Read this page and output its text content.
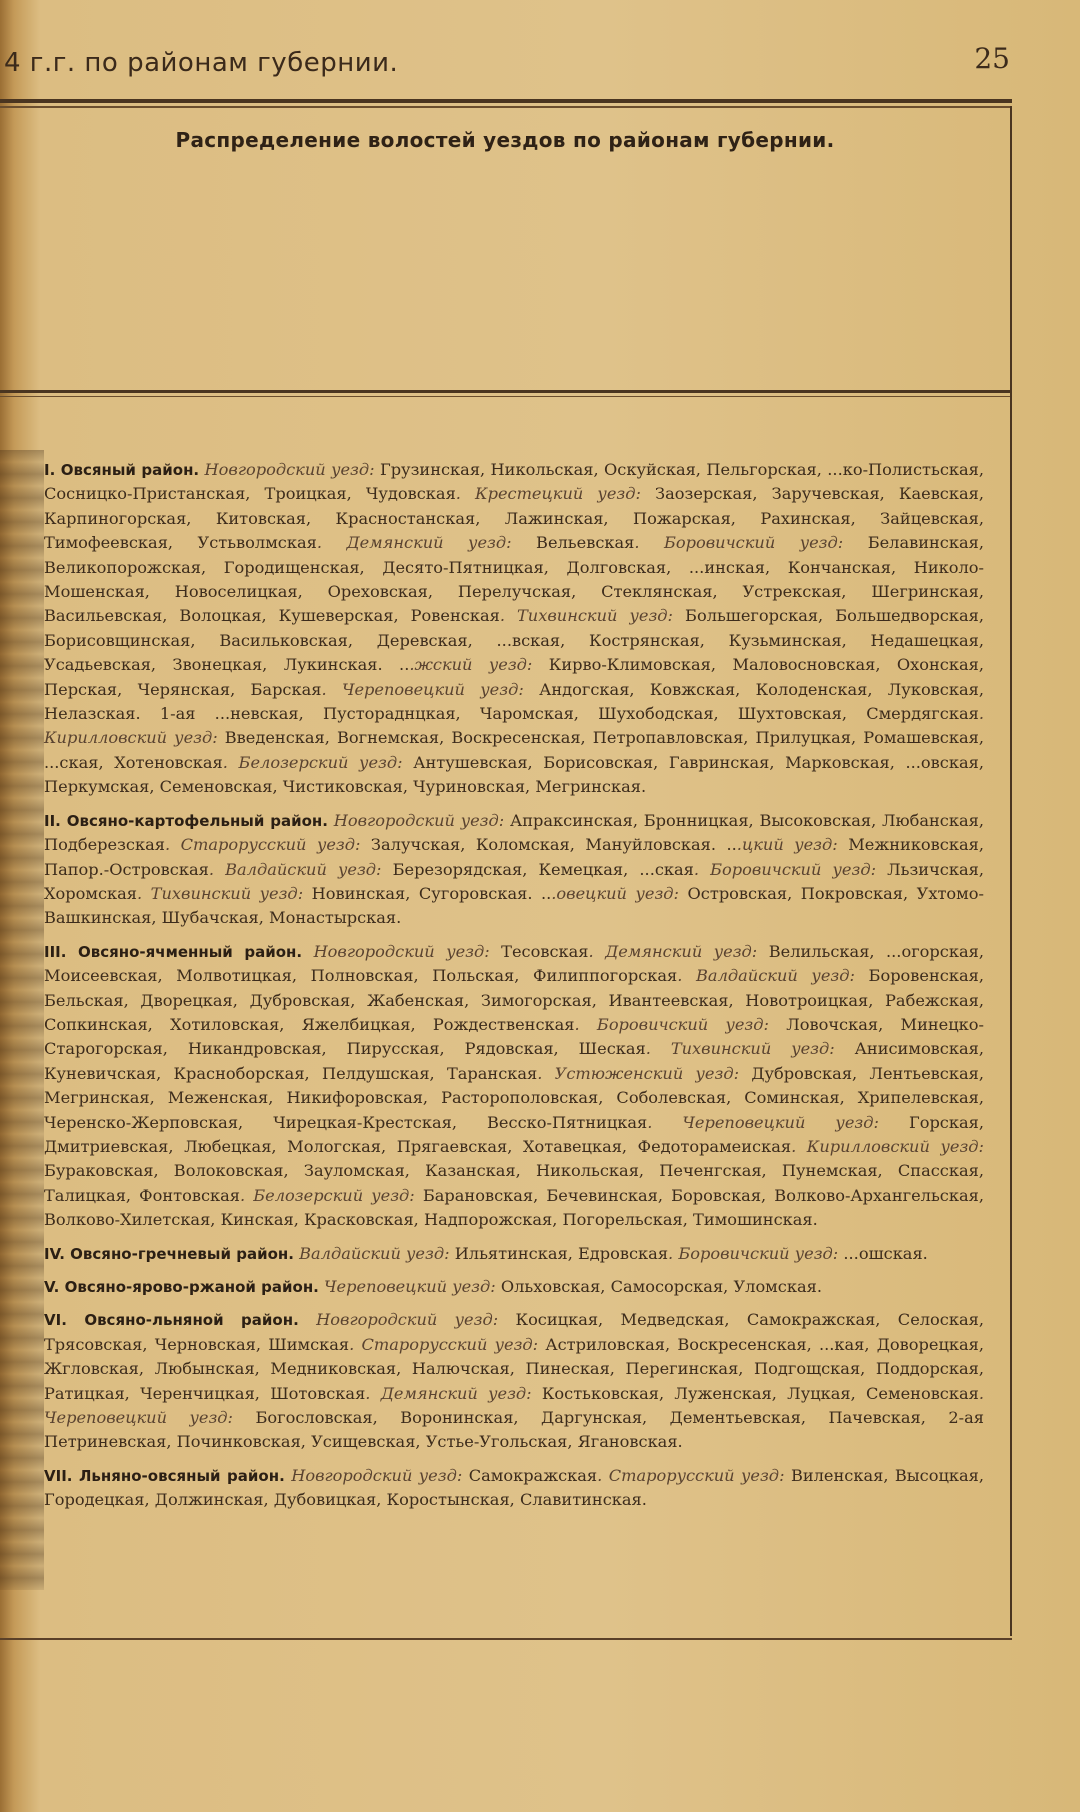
4 г.г. по районам губернии.	25
Распределение волостей уездов по районам губернии.

I. Овсяный район. Новгородский уезд: Грузинская, Никольская, Оскуйская, Пельгорская, ...ко-Полистьская, Сосницко-Пристанская, Троицкая, Чудовская. Крестецкий уезд: Заозерская, Заручевская, Каевская, Карпиногорская, Китовская, Красностанская, Лажинская, Пожарская, Рахинская, Зайцевская, Тимофеевская, Устьволмская. Демянский уезд: Вельевская. Боровичский уезд: Белавинская, Великопорожская, Городищенская, Десято-Пятницкая, Долговская, ...инская, Кончанская, Николо-Мошенская, Новоселицкая, Ореховская, Перелучская, Стеклянская, Устрекская, Шегринская, Васильевская, Волоцкая, Кушеверская, Ровенская. Тихвинский уезд: Большегорская, Большедворская, Борисовщинская, Васильковская, Деревская, ...вская, Кострянская, Кузьминская, Недашецкая, Усадьевская, Звонецкая, Лукинская. ...жский уезд: Кирво-Климовская, Маловосновская, Охонская, Перская, Черянская, Барская. Череповецкий уезд: Андогская, Ковжская, Колоденская, Луковская, Нелазская. 1-ая ...невская, Пустораднцкая, Чаромская, Шухободская, Шухтовская, Смердягская. Кирилловский уезд: Введенская, Вогнемская, Воскресенская, Петропавловская, Прилуцкая, Ромашевская, ...ская, Хотеновская. Белозерский уезд: Антушевская, Борисовская, Гавринская, Марковская, ...овская, Перкумская, Семеновская, Чистиковская, Чуриновская, Мегринская.

II. Овсяно-картофельный район. Новгородский уезд: Апраксинская, Бронницкая, Высоковская, Любанская, Подберезская. Старорусский уезд: Залучская, Коломская, Мануйловская. ...цкий уезд: Межниковская, Папор.-Островская. Валдайский уезд: Березорядская, Кемецкая, ...ская. Боровичский уезд: Льзичская, Хоромская. Тихвинский уезд: Новинская, Сугоровская. ...овецкий уезд: Островская, Покровская, Ухтомо-Вашкинская, Шубачская, Монастырская.

III. Овсяно-ячменный район. Новгородский уезд: Тесовская. Демянский уезд: Велильская, ...огорская, Моисеевская, Молвотицкая, Полновская, Польская, Филиппогорская. Валдайский уезд: Боровенская, Бельская, Дворецкая, Дубровская, Жабенская, Зимогорская, Ивантеевская, Новотроицкая, Рабежская, Сопкинская, Хотиловская, Яжелбицкая, Рождественская. Боровичский уезд: Ловочская, Минецко-Старогорская, Никандровская, Пирусская, Рядовская, Шеская. Тихвинский уезд: Анисимовская, Куневичская, Красноборская, Пелдушская, Таранская. Устюженский уезд: Дубровская, Лентьевская, Мегринская, Меженская, Никифоровская, Расторополовская, Соболевская, Соминская, Хрипелевская, Черенско-Жерповская, Чирецкая-Крестская, Весско-Пятницкая. Череповецкий уезд: Горская, Дмитриевская, Любецкая, Мологская, Прягаевская, Хотавецкая, Федоторамеиская. Кирилловский уезд: Бураковская, Волоковская, Зауломская, Казанская, Никольская, Печенгская, Пунемская, Спасская, Талицкая, Фонтовская. Белозерский уезд: Барановская, Бечевинская, Боровская, Волково-Архангельская, Волково-Хилетская, Кинская, Красковская, Надпорожская, Погорельская, Тимошинская.

IV. Овсяно-гречневый район. Валдайский уезд: Ильятинская, Едровская. Боровичский уезд: ...ошская.

V. Овсяно-ярово-ржаной район. Череповецкий уезд: Ольховская, Самосорская, Уломская.

VI. Овсяно-льняной район. Новгородский уезд: Косицкая, Медведская, Самокражская, Селоская, Трясовская, Черновская, Шимская. Старорусский уезд: Астриловская, Воскресенская, ...кая, Доворецкая, Жгловская, Любынская, Медниковская, Налючская, Пинеская, Перегинская, Подгощская, Поддорская, Ратицкая, Черенчицкая, Шотовская. Демянский уезд: Костьковская, Луженская, Луцкая, Семеновская. Череповецкий уезд: Богословская, Воронинская, Даргунская, Дементьевская, Пачевская, 2-ая Петриневская, Починковская, Усищевская, Устье-Угольская, Ягановская.

VII. Льняно-овсяный район. Новгородский уезд: Самокражская. Старорусский уезд: Виленская, Высоцкая, Городецкая, Должинская, Дубовицкая, Коростынская, Славитинская.
